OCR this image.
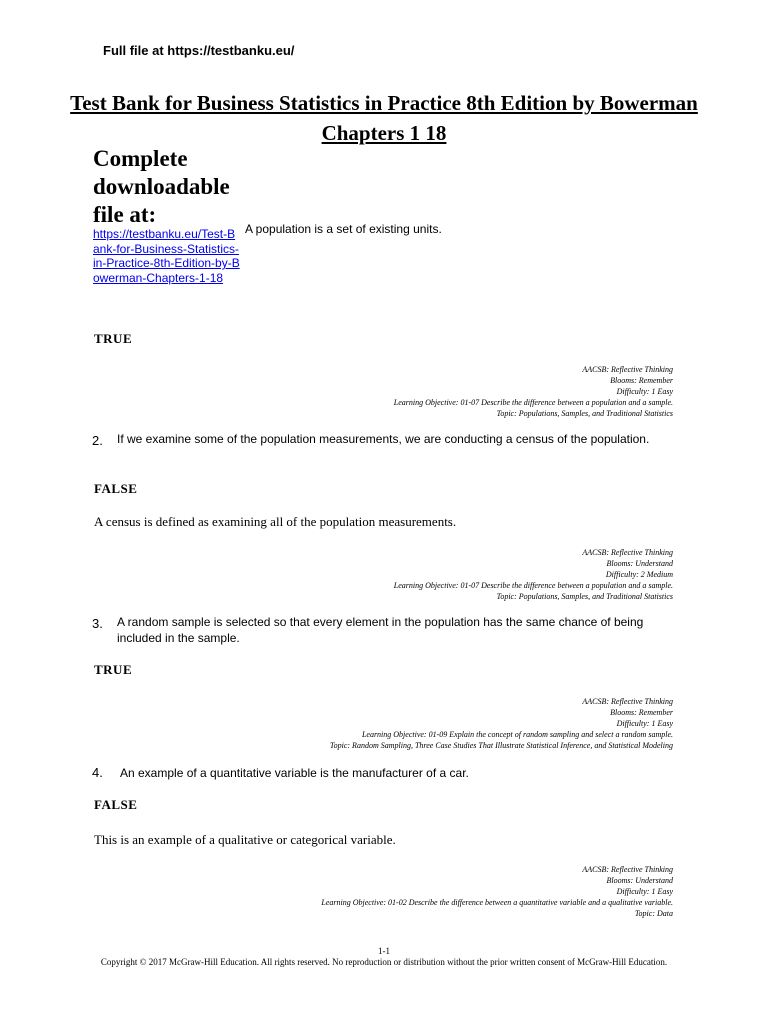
Full file at https://testbanku.eu/
Test Bank for Business Statistics in Practice 8th Edition by Bowerman Chapters 1 18
Complete downloadable file at:
https://testbanku.eu/Test-Bank-for-Business-Statistics-in-Practice-8th-Edition-by-Bowerman-Chapters-1-18
A population is a set of existing units.
TRUE
AACSB: Reflective Thinking
Blooms: Remember
Difficulty: 1 Easy
Learning Objective: 01-07 Describe the difference between a population and a sample.
Topic: Populations, Samples, and Traditional Statistics
2. If we examine some of the population measurements, we are conducting a census of the population.
FALSE
A census is defined as examining all of the population measurements.
AACSB: Reflective Thinking
Blooms: Understand
Difficulty: 2 Medium
Learning Objective: 01-07 Describe the difference between a population and a sample.
Topic: Populations, Samples, and Traditional Statistics
3. A random sample is selected so that every element in the population has the same chance of being included in the sample.
TRUE
AACSB: Reflective Thinking
Blooms: Remember
Difficulty: 1 Easy
Learning Objective: 01-09 Explain the concept of random sampling and select a random sample.
Topic: Random Sampling, Three Case Studies That Illustrate Statistical Inference, and Statistical Modeling
4. An example of a quantitative variable is the manufacturer of a car.
FALSE
This is an example of a qualitative or categorical variable.
AACSB: Reflective Thinking
Blooms: Understand
Difficulty: 1 Easy
Learning Objective: 01-02 Describe the difference between a quantitative variable and a qualitative variable.
Topic: Data
1-1
Copyright © 2017 McGraw-Hill Education. All rights reserved. No reproduction or distribution without the prior written consent of McGraw-Hill Education.
